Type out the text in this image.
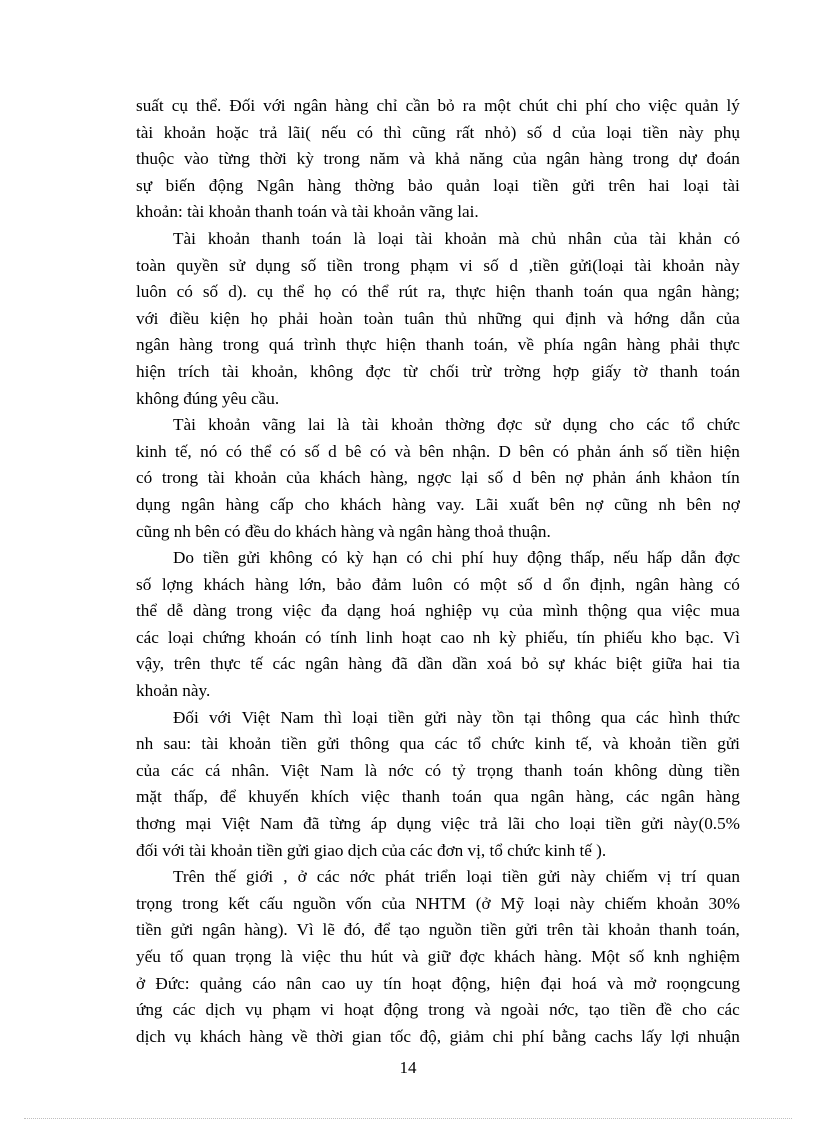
suất cụ thể. Đối với ngân hàng chỉ cần bỏ ra một chút chi phí cho việc quản lý
tài khoản hoặc trả lãi( nếu có thì cũng rất nhỏ) số d của loại tiền này phụ
thuộc vào từng thời kỳ trong năm và khả năng của ngân hàng trong dự đoán
sự biến động Ngân hàng thờng bảo quản loại tiền gửi trên hai loại tài
khoản: tài khoản thanh toán và tài khoản vãng lai.
Tài khoản thanh toán là loại tài khoản mà chủ nhân của tài khản có
toàn quyền sử dụng số tiền trong phạm vi số d ,tiền gửi(loại tài khoản này
luôn có số d). cụ thể họ có thể rút ra, thực hiện thanh toán qua ngân hàng;
với điều kiện họ phải hoàn toàn tuân thủ những qui định và hớng dẫn của
ngân hàng trong quá trình thực hiện thanh toán, về phía ngân hàng phải thực
hiện trích tài khoản, không đợc từ chối trừ trờng hợp giấy tờ thanh toán
không đúng yêu cầu.
Tài khoản vãng lai là tài khoản thờng đợc sử dụng cho các tổ chức
kinh tế, nó có thể có số d bê có và bên nhận. D bên có phản ánh số tiền hiện
có trong tài khoản của khách hàng, ngợc lại số d bên nợ phản ánh khảon tín
dụng ngân hàng cấp cho khách hàng vay. Lãi xuất bên nợ cũng nh bên nợ
cũng nh bên có đều do khách hàng và ngân hàng thoả thuận.
Do tiền gửi không có kỳ hạn có chi phí huy động thấp, nếu hấp dẫn đợc
số lợng khách hàng lớn, bảo đảm luôn có một số d ổn định, ngân hàng có
thể dễ dàng trong việc đa dạng hoá nghiệp vụ của mình thộng qua việc mua
các loại chứng khoán có tính linh hoạt cao nh kỳ phiếu, tín phiếu kho bạc. Vì
vậy, trên thực tế các ngân hàng đã dần dần xoá bỏ sự khác biệt giữa hai tia
khoản này.
Đối với Việt Nam thì loại tiền gửi này tồn tại thông qua các hình thức
nh sau: tài khoản tiền gửi thông qua các tổ chức kinh tế, và khoản tiền gửi
của các cá nhân. Việt Nam là nớc có tỷ trọng thanh toán không dùng tiền
mặt thấp, để khuyến khích việc thanh toán qua ngân hàng, các ngân hàng
thơng mại Việt Nam đã từng áp dụng việc trả lãi cho loại tiền gửi này(0.5%
đối với tài khoản tiền gửi giao dịch của các đơn vị, tổ chức kinh tế ).
Trên thế giới , ở các nớc phát triển loại tiền gửi này chiếm vị trí quan
trọng trong kết cấu nguồn vốn của NHTM (ở Mỹ loại này chiếm khoản 30%
tiền gửi ngân hàng). Vì lẽ đó, để tạo nguồn tiền gửi trên tài khoản thanh toán,
yếu tố quan trọng là việc thu hút và giữ đợc khách hàng. Một số knh nghiệm
ở Đức: quảng cáo nân cao uy tín hoạt động, hiện đại hoá và mở roọngcung
ứng các dịch vụ phạm vi hoạt động trong và ngoài nớc, tạo tiền đề cho các
dịch vụ khách hàng về thời gian tốc độ, giảm chi phí bằng cachs lấy lợi nhuận
14
